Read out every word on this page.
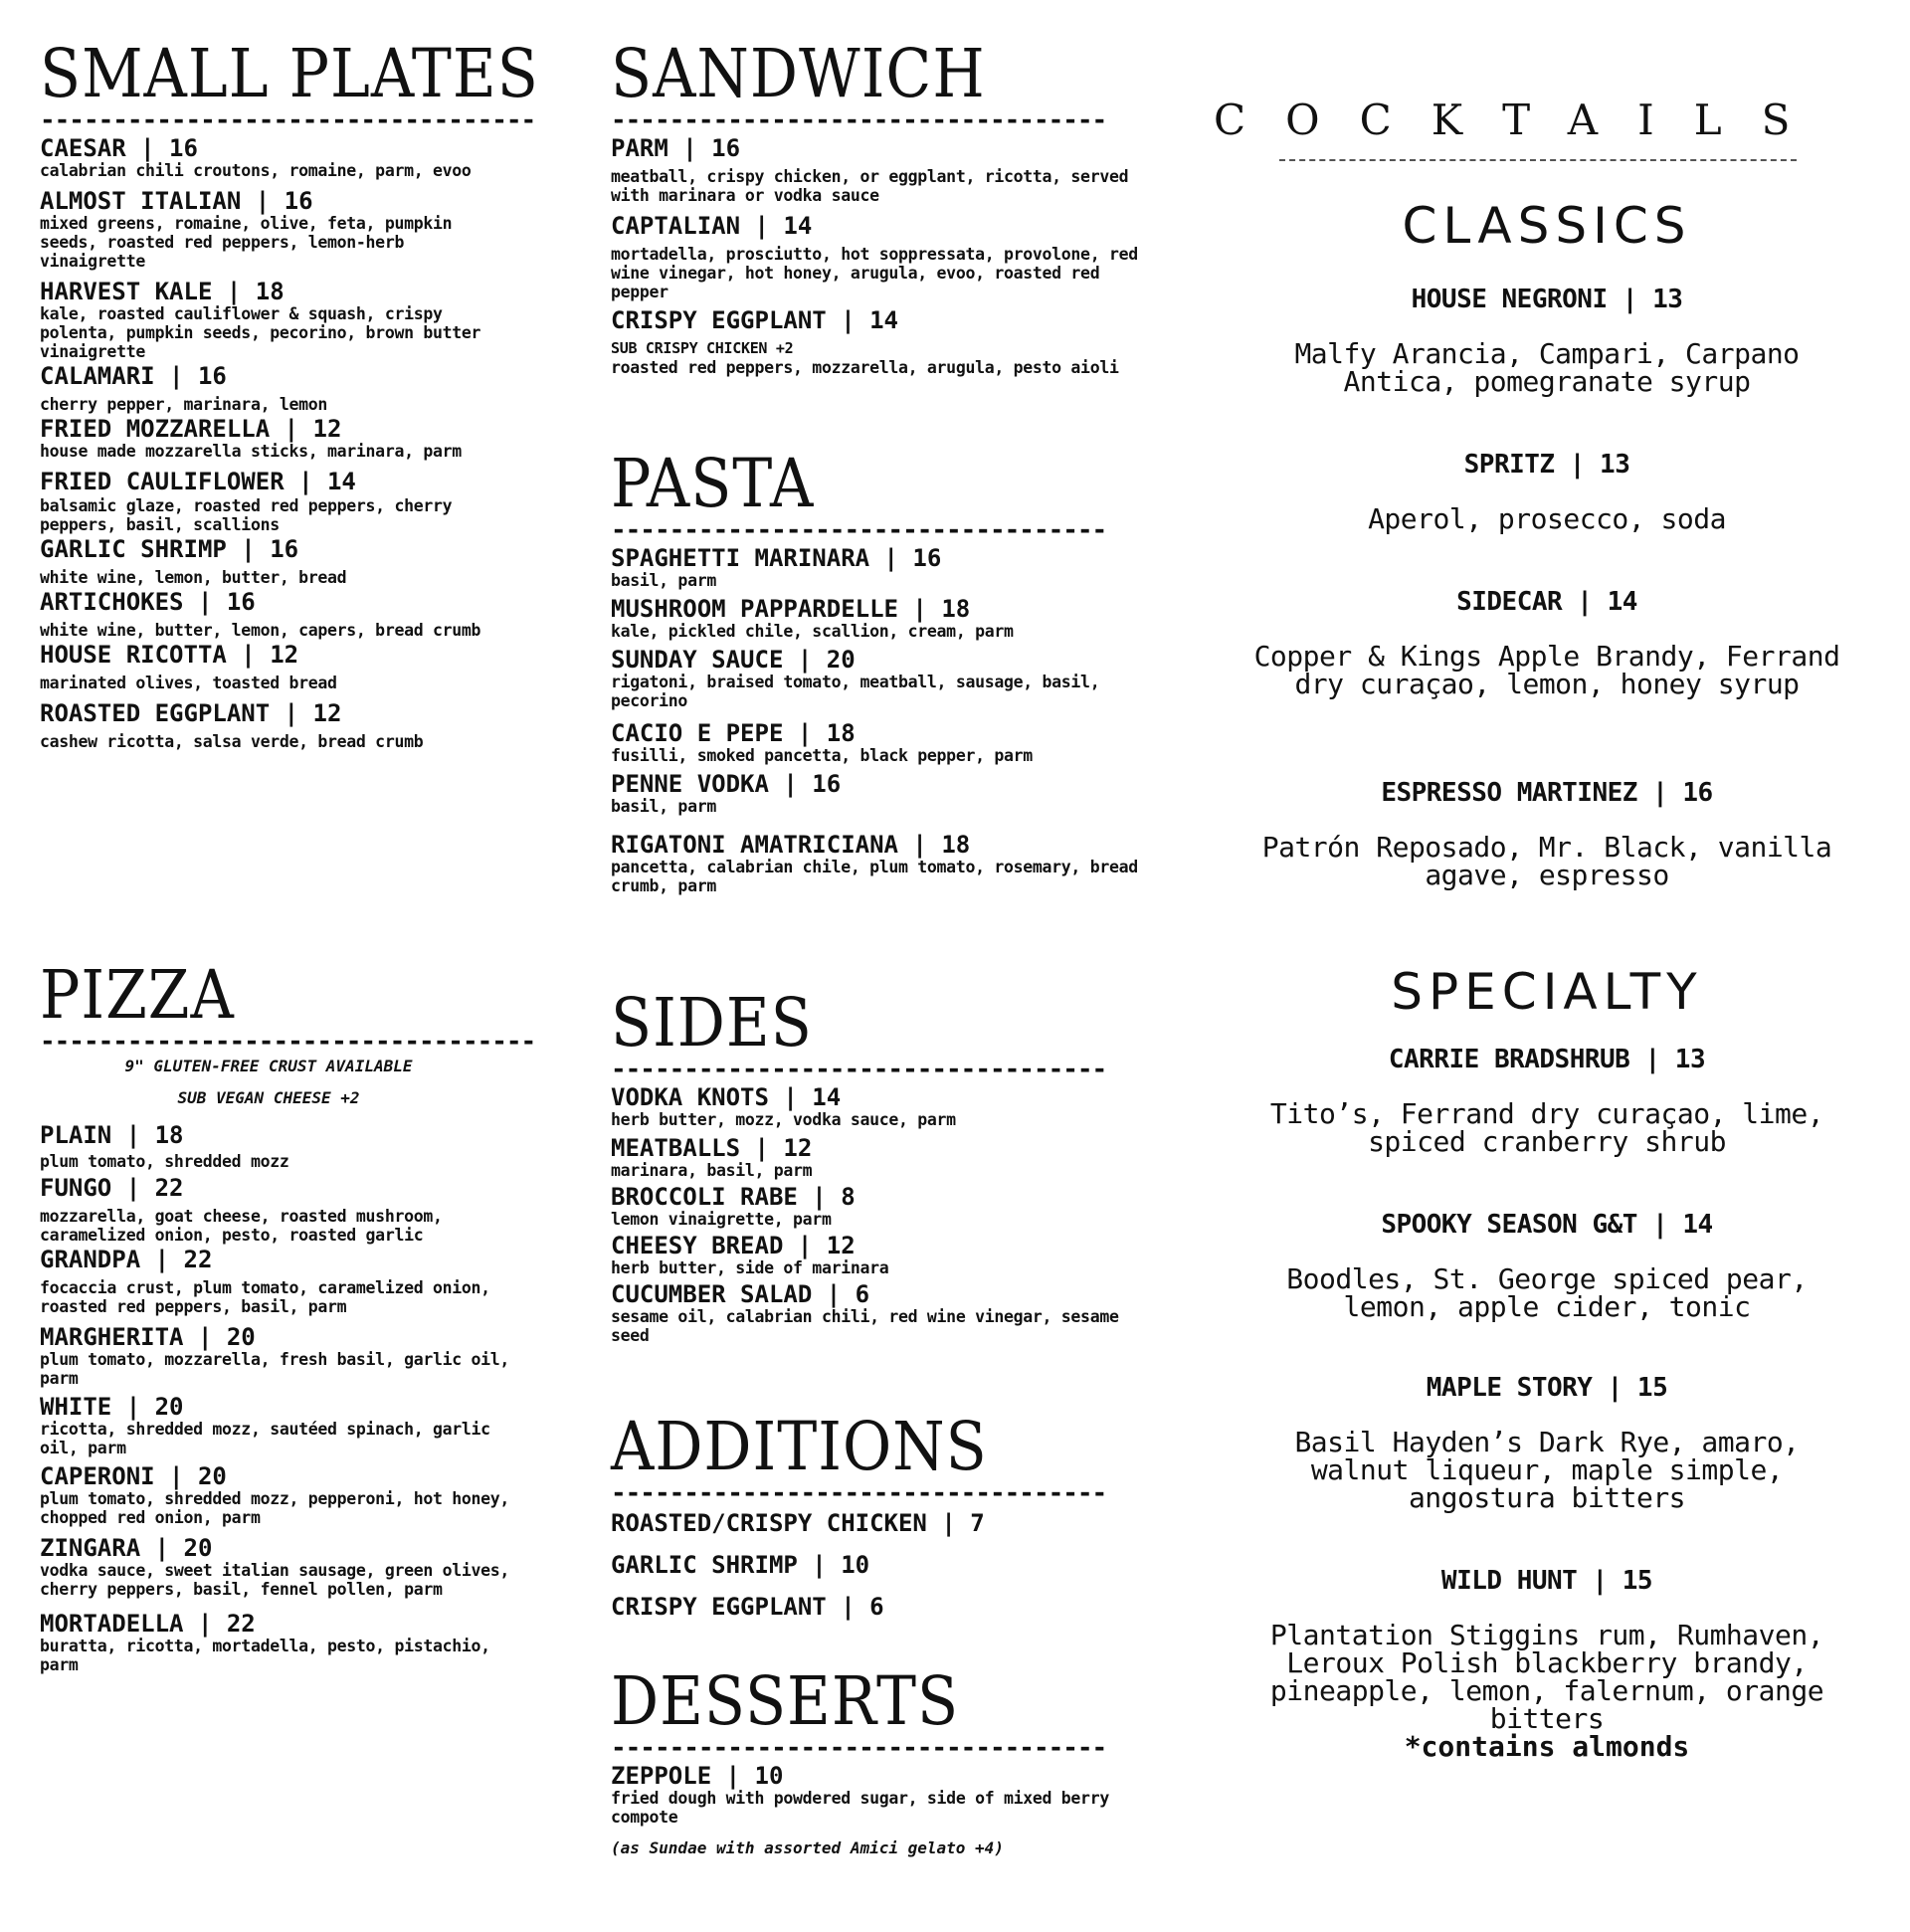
SMALL PLATES
----------------------------------
CAESAR | 16
calabrian chili croutons, romaine, parm, evoo
ALMOST ITALIAN | 16
mixed greens, romaine, olive, feta, pumpkin seeds, roasted red peppers, lemon-herb vinaigrette
HARVEST KALE | 18
kale, roasted cauliflower & squash, crispy polenta, pumpkin seeds, pecorino, brown butter vinaigrette
CALAMARI | 16
cherry pepper, marinara, lemon
FRIED MOZZARELLA | 12
house made mozzarella sticks, marinara, parm
FRIED CAULIFLOWER | 14
balsamic glaze, roasted red peppers, cherry peppers, basil, scallions
GARLIC SHRIMP | 16
white wine, lemon, butter, bread
ARTICHOKES | 16
white wine, butter, lemon, capers, bread crumb
HOUSE RICOTTA | 12
marinated olives, toasted bread
ROASTED EGGPLANT | 12
cashew ricotta, salsa verde, bread crumb
PIZZA
----------------------------------
9" GLUTEN-FREE CRUST AVAILABLE
SUB VEGAN CHEESE +2
PLAIN | 18
plum tomato, shredded mozz
FUNGO | 22
mozzarella, goat cheese, roasted mushroom, caramelized onion, pesto, roasted garlic
GRANDPA | 22
focaccia crust, plum tomato, caramelized onion, roasted red peppers, basil, parm
MARGHERITA | 20
plum tomato, mozzarella, fresh basil, garlic oil, parm
WHITE | 20
ricotta, shredded mozz, sautéed spinach, garlic oil, parm
CAPERONI | 20
plum tomato, shredded mozz, pepperoni, hot honey, chopped red onion, parm
ZINGARA | 20
vodka sauce, sweet italian sausage, green olives, cherry peppers, basil, fennel pollen, parm
MORTADELLA | 22
buratta, ricotta, mortadella, pesto, pistachio, parm
SANDWICH
----------------------------------
PARM | 16
meatball, crispy chicken, or eggplant, ricotta, served with marinara or vodka sauce
CAPTALIAN | 14
mortadella, prosciutto, hot soppressata, provolone, red wine vinegar, hot honey, arugula, evoo, roasted red pepper
CRISPY EGGPLANT | 14
SUB CRISPY CHICKEN +2
roasted red peppers, mozzarella, arugula, pesto aioli
PASTA
----------------------------------
SPAGHETTI MARINARA | 16
basil, parm
MUSHROOM PAPPARDELLE | 18
kale, pickled chile, scallion, cream, parm
SUNDAY SAUCE | 20
rigatoni, braised tomato, meatball, sausage, basil, pecorino
CACIO E PEPE | 18
fusilli, smoked pancetta, black pepper, parm
PENNE VODKA | 16
basil, parm
RIGATONI AMATRICIANA | 18
pancetta, calabrian chile, plum tomato, rosemary, bread crumb, parm
SIDES
----------------------------------
VODKA KNOTS | 14
herb butter, mozz, vodka sauce, parm
MEATBALLS | 12
marinara, basil, parm
BROCCOLI RABE | 8
lemon vinaigrette, parm
CHEESY BREAD | 12
herb butter, side of marinara
CUCUMBER SALAD | 6
sesame oil, calabrian chili, red wine vinegar, sesame seed
ADDITIONS
----------------------------------
ROASTED/CRISPY CHICKEN | 7
GARLIC SHRIMP | 10
CRISPY EGGPLANT | 6
DESSERTS
----------------------------------
ZEPPOLE | 10
fried dough with powdered sugar, side of mixed berry compote
(as Sundae with assorted Amici gelato +4)
COCKTAILS
CLASSICS
SPECIALTY
HOUSE NEGRONI | 13
Malfy Arancia, Campari, Carpano Antica, pomegranate syrup
SPRITZ | 13
Aperol, prosecco, soda
SIDECAR | 14
Copper & Kings Apple Brandy, Ferrand dry curaçao, lemon, honey syrup
ESPRESSO MARTINEZ | 16
Patrón Reposado, Mr. Black, vanilla agave, espresso
CARRIE BRADSHRUB | 13
Tito’s, Ferrand dry curaçao, lime, spiced cranberry shrub
SPOOKY SEASON G&T | 14
Boodles, St. George spiced pear, lemon, apple cider, tonic
MAPLE STORY | 15
Basil Hayden’s Dark Rye, amaro, walnut liqueur, maple simple, angostura bitters
WILD HUNT | 15
Plantation Stiggins rum, Rumhaven, Leroux Polish blackberry brandy, pineapple, lemon, falernum, orange bitters
*contains almonds
